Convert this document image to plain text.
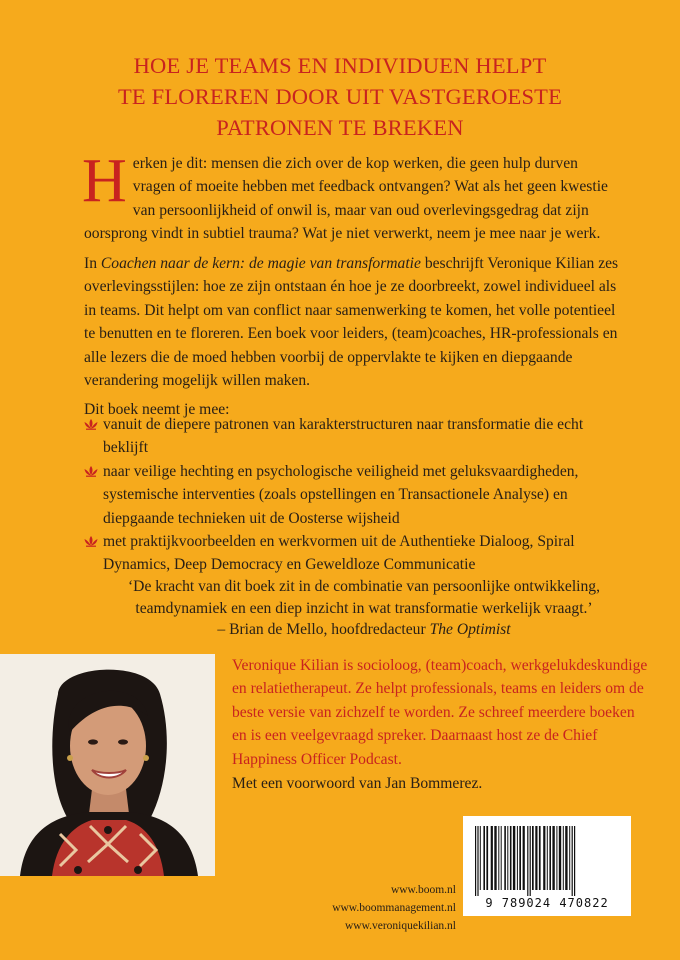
HOE JE TEAMS EN INDIVIDUEN HELPT
TE FLOREREN DOOR UIT VASTGEROESTE
PATRONEN TE BREKEN

Herken je dit: mensen die zich over de kop werken, die geen hulp durven vragen of moeite hebben met feedback ontvangen? Wat als het geen kwestie van persoonlijkheid of onwil is, maar van oud overlevingsgedrag dat zijn oorsprong vindt in subtiel trauma? Wat je niet verwerkt, neem je mee naar je werk.

In Coachen naar de kern: de magie van transformatie beschrijft Veronique Kilian zes overlevingsstijlen: hoe ze zijn ontstaan én hoe je ze doorbreekt, zowel individueel als in teams. Dit helpt om van conflict naar samenwerking te komen, het volle potentieel te benutten en te floreren. Een boek voor leiders, (team)coaches, HR-professionals en alle lezers die de moed hebben voorbij de oppervlakte te kijken en diepgaande verandering mogelijk willen maken.

Dit boek neemt je mee:

vanuit de diepere patronen van karakterstructuren naar transformatie die echt beklijft
naar veilige hechting en psychologische veiligheid met geluksvaardigheden, systemische interventies (zoals opstellingen en Transactionele Analyse) en diepgaande technieken uit de Oosterse wijsheid
met praktijkvoorbeelden en werkvormen uit de Authentieke Dialoog, Spiral Dynamics, Deep Democracy en Geweldloze Communicatie

‘De kracht van dit boek zit in de combinatie van persoonlijke ontwikkeling, teamdynamiek en een diep inzicht in wat transformatie werkelijk vraagt.’
– Brian de Mello, hoofdredacteur The Optimist

Veronique Kilian is socioloog, (team)coach, werkgelukdeskundige en relatietherapeut. Ze helpt professionals, teams en leiders om de beste versie van zichzelf te worden. Ze schreef meerdere boeken en is een veelgevraagd spreker. Daarnaast host ze de Chief Happiness Officer Podcast.

Met een voorwoord van Jan Bommerez.

9 789024 470822

www.boom.nl
www.boommanagement.nl
www.veroniquekilian.nl
